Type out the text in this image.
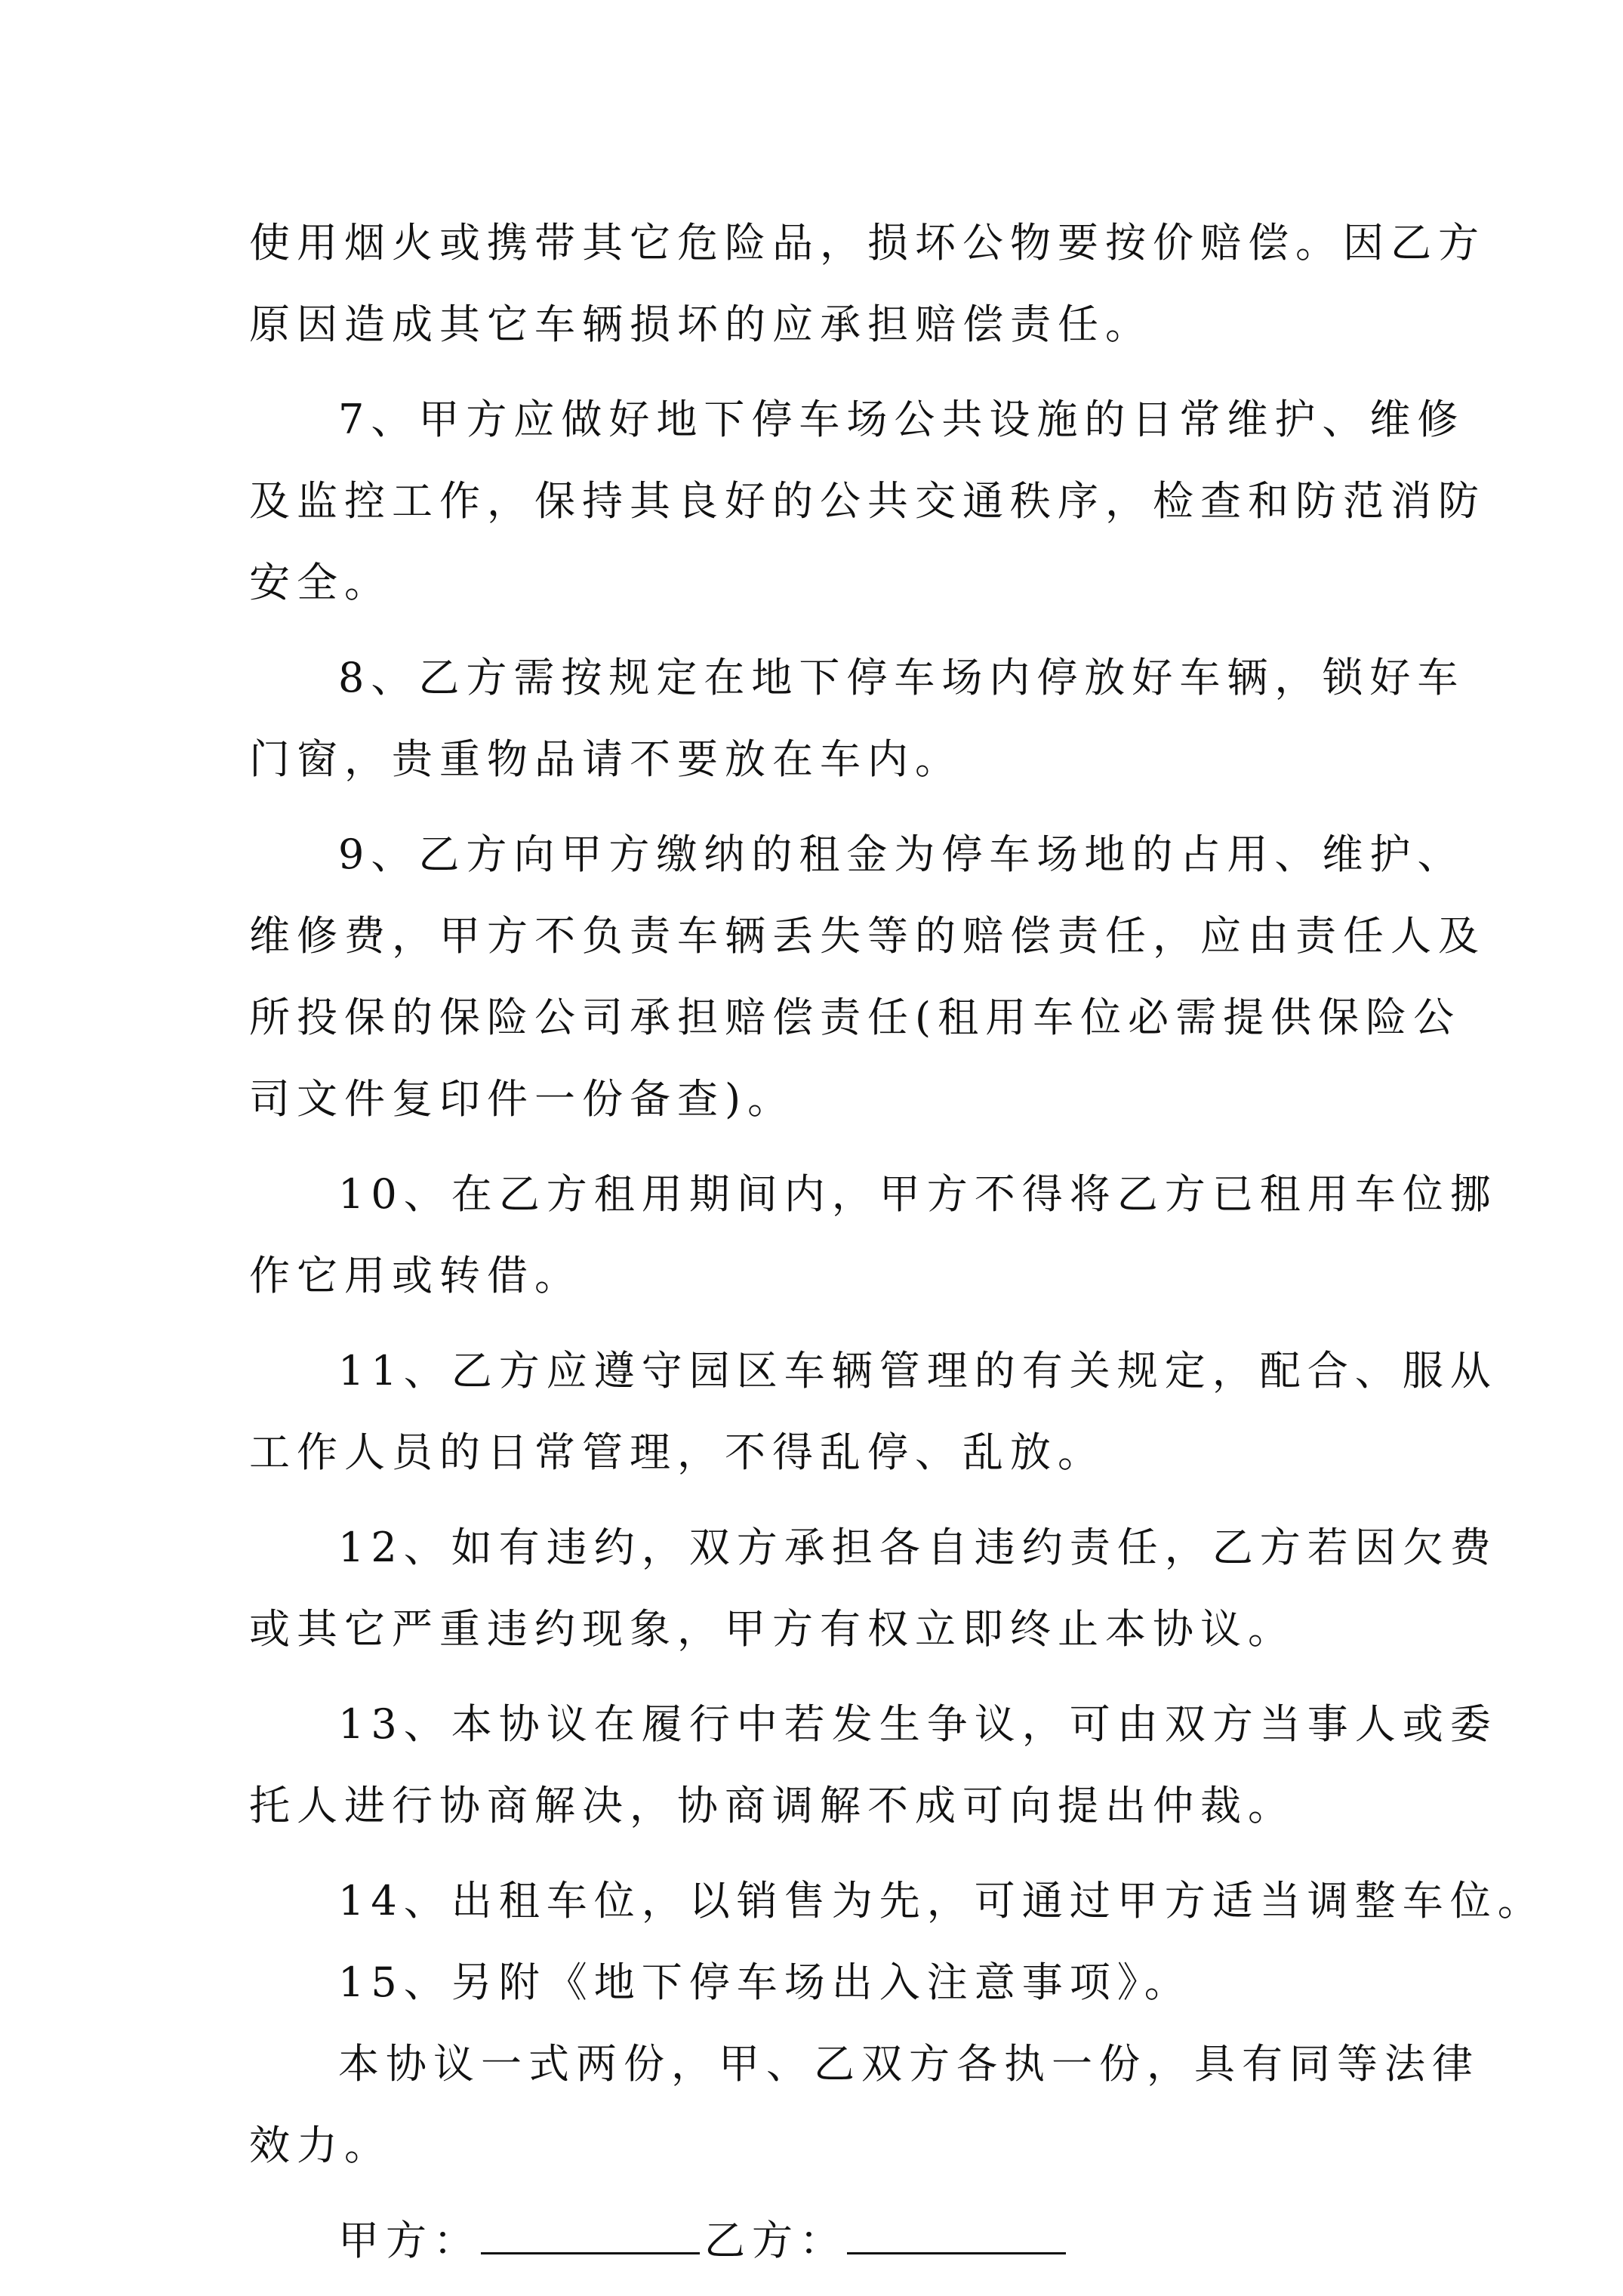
使用烟火或携带其它危险品，损坏公物要按价赔偿。因乙方
原因造成其它车辆损坏的应承担赔偿责任。
7、甲方应做好地下停车场公共设施的日常维护、维修
及监控工作，保持其良好的公共交通秩序，检查和防范消防
安全。
8、乙方需按规定在地下停车场内停放好车辆，锁好车
门窗，贵重物品请不要放在车内。
9、乙方向甲方缴纳的租金为停车场地的占用、维护、
维修费，甲方不负责车辆丢失等的赔偿责任，应由责任人及
所投保的保险公司承担赔偿责任(租用车位必需提供保险公
司文件复印件一份备查)。
10、在乙方租用期间内，甲方不得将乙方已租用车位挪
作它用或转借。
11、乙方应遵守园区车辆管理的有关规定，配合、服从
工作人员的日常管理，不得乱停、乱放。
12、如有违约，双方承担各自违约责任，乙方若因欠费
或其它严重违约现象，甲方有权立即终止本协议。
13、本协议在履行中若发生争议，可由双方当事人或委
托人进行协商解决，协商调解不成可向提出仲裁。
14、出租车位，以销售为先，可通过甲方适当调整车位。
15、另附《地下停车场出入注意事项》。
本协议一式两份，甲、乙双方各执一份，具有同等法律
效力。
甲方：	乙方：
